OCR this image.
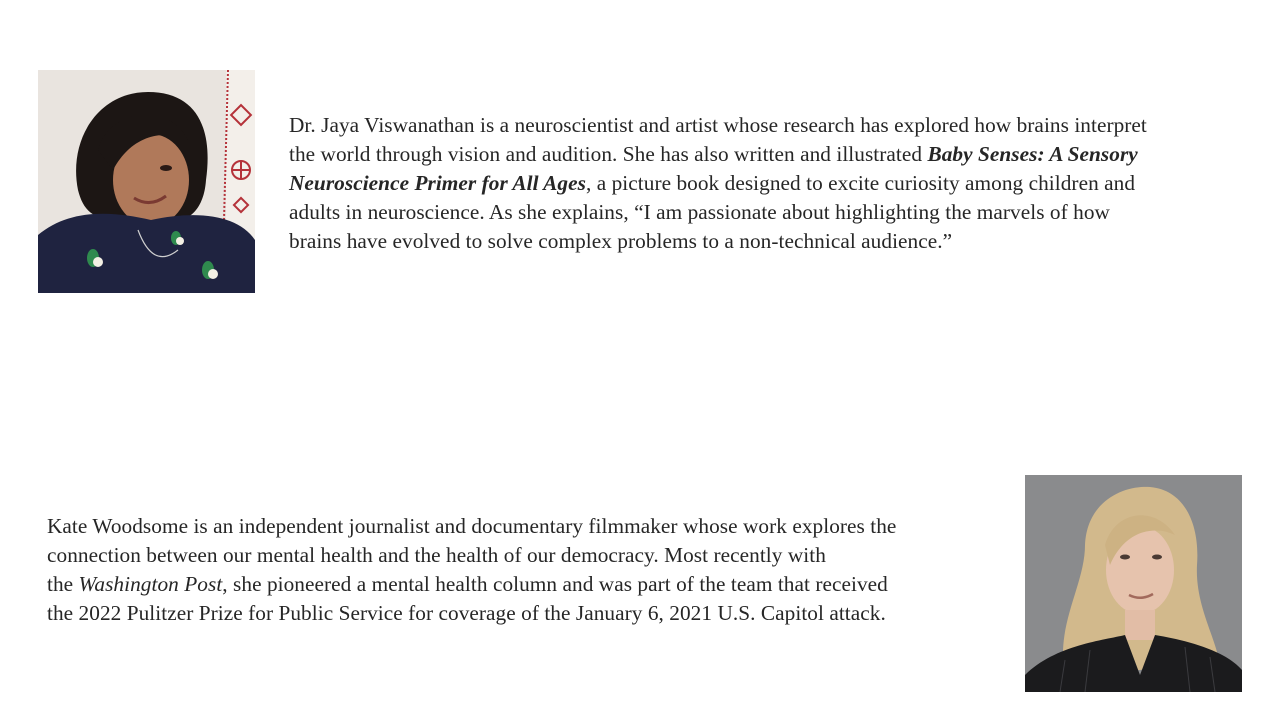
Dr. Jaya Viswanathan is a neuroscientist and artist whose research has explored how brains interpret
the world through vision and audition. She has also written and illustrated Baby Senses: A Sensory
Neuroscience Primer for All Ages, a picture book designed to excite curiosity among children and
adults in neuroscience. As she explains, “I am passionate about highlighting the marvels of how
brains have evolved to solve complex problems to a non-technical audience.”
Kate Woodsome is an independent journalist and documentary filmmaker whose work explores the
connection between our mental health and the health of our democracy. Most recently with
the Washington Post, she pioneered a mental health column and was part of the team that received
the 2022 Pulitzer Prize for Public Service for coverage of the January 6, 2021 U.S. Capitol attack.
